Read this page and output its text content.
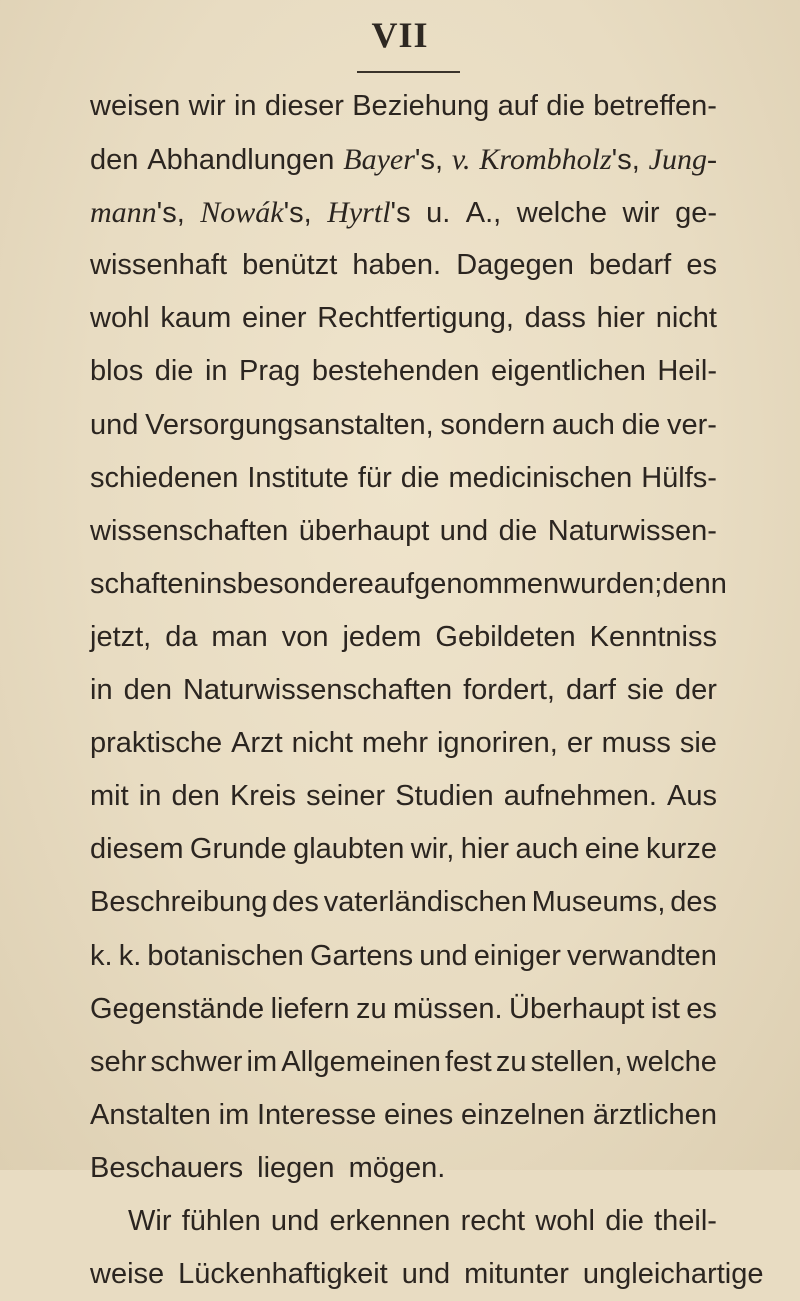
VII
weisen wir in dieser Beziehung auf die betreffen-
den Abhandlungen Bayer's, v. Krombholz's, Jung-
mann's, Nowák's, Hyrtl's u. A., welche wir ge-
wissenhaft benützt haben. Dagegen bedarf es
wohl kaum einer Rechtfertigung, dass hier nicht
blos die in Prag bestehenden eigentlichen Heil-
und Versorgungsanstalten, sondern auch die ver-
schiedenen Institute für die medicinischen Hülfs-
wissenschaften überhaupt und die Naturwissen-
schaften insbesondere aufgenommen wurden; denn
jetzt, da man von jedem Gebildeten Kenntniss
in den Naturwissenschaften fordert, darf sie der
praktische Arzt nicht mehr ignoriren, er muss sie
mit in den Kreis seiner Studien aufnehmen. Aus
diesem Grunde glaubten wir, hier auch eine kurze
Beschreibung des vaterländischen Museums, des
k. k. botanischen Gartens und einiger verwandten
Gegenstände liefern zu müssen. Überhaupt ist es
sehr schwer im Allgemeinen fest zu stellen, welche
Anstalten im Interesse eines einzelnen ärztlichen
Beschauers liegen mögen.
Wir fühlen und erkennen recht wohl die theil-
weise Lückenhaftigkeit und mitunter ungleichartige
